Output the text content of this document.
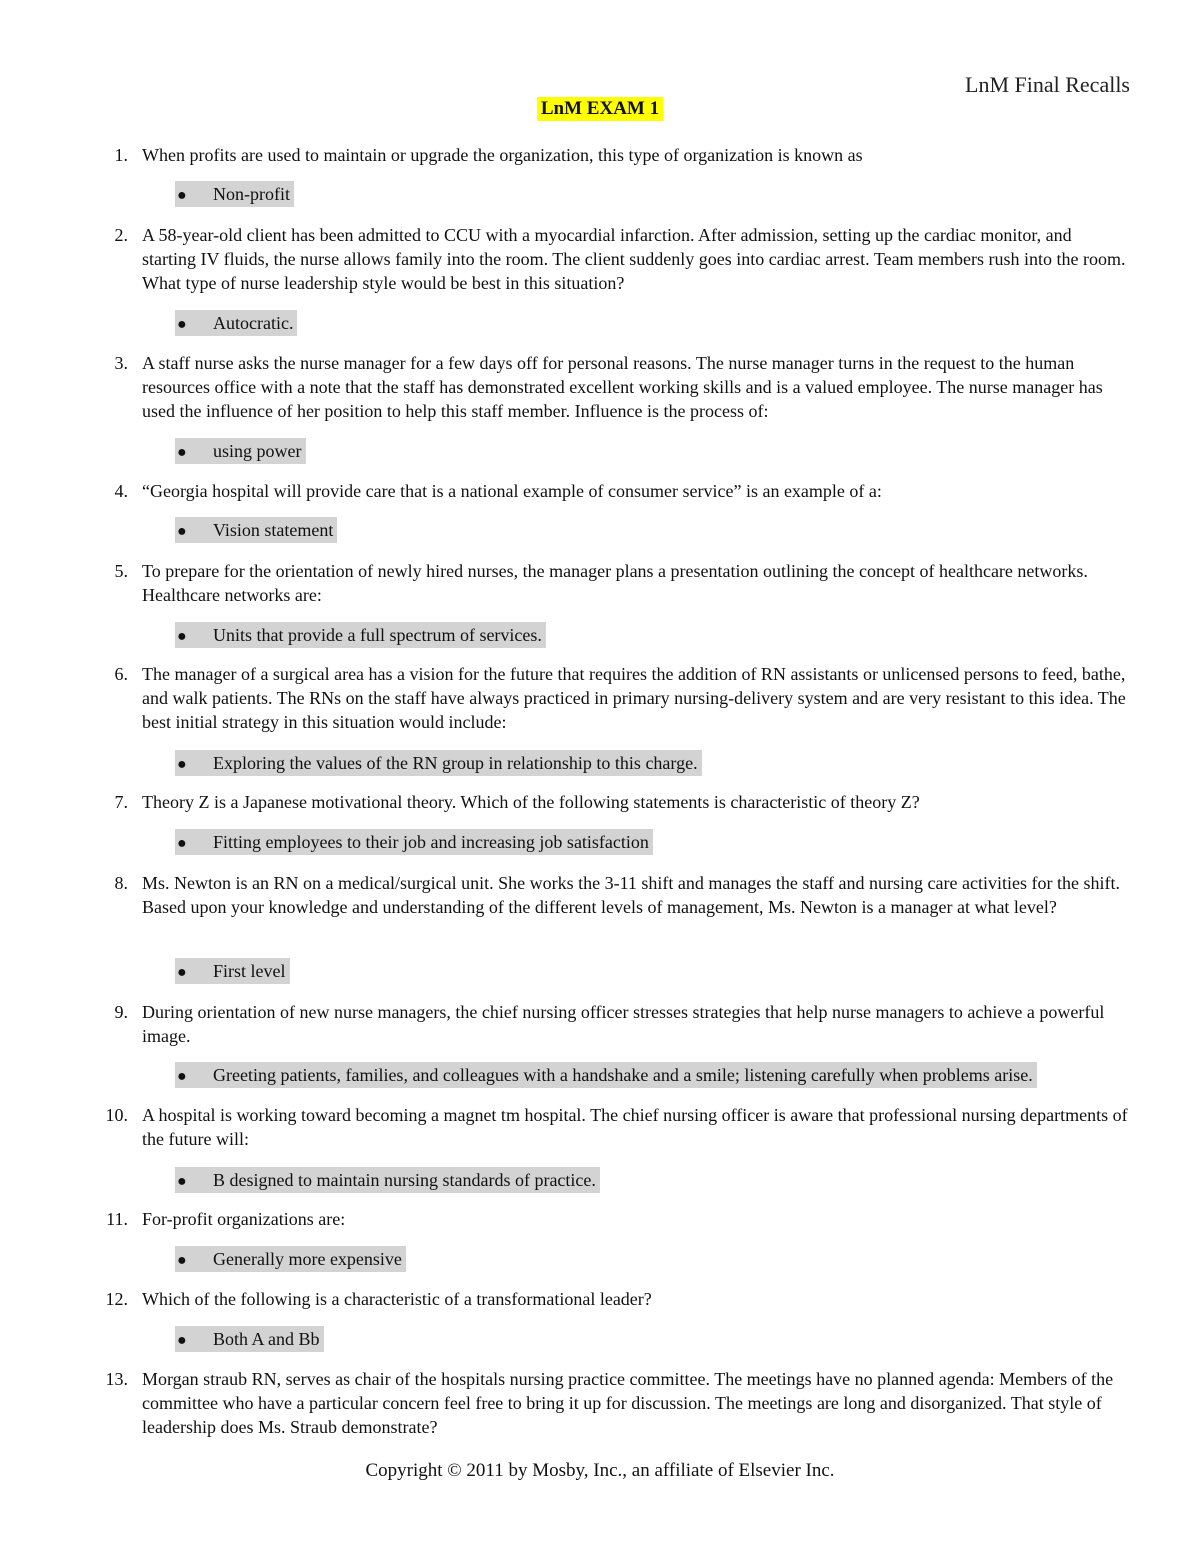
LnM Final Recalls
LnM EXAM 1
1. When profits are used to maintain or upgrade the organization, this type of organization is known as
● Non-profit
2. A 58-year-old client has been admitted to CCU with a myocardial infarction. After admission, setting up the cardiac monitor, and starting IV fluids, the nurse allows family into the room. The client suddenly goes into cardiac arrest. Team members rush into the room. What type of nurse leadership style would be best in this situation?
● Autocratic.
3. A staff nurse asks the nurse manager for a few days off for personal reasons. The nurse manager turns in the request to the human resources office with a note that the staff has demonstrated excellent working skills and is a valued employee. The nurse manager has used the influence of her position to help this staff member. Influence is the process of:
● using power
4. “Georgia hospital will provide care that is a national example of consumer service” is an example of a:
● Vision statement
5. To prepare for the orientation of newly hired nurses, the manager plans a presentation outlining the concept of healthcare networks. Healthcare networks are:
● Units that provide a full spectrum of services.
6. The manager of a surgical area has a vision for the future that requires the addition of RN assistants or unlicensed persons to feed, bathe, and walk patients. The RNs on the staff have always practiced in primary nursing-delivery system and are very resistant to this idea. The best initial strategy in this situation would include:
● Exploring the values of the RN group in relationship to this charge.
7. Theory Z is a Japanese motivational theory. Which of the following statements is characteristic of theory Z?
● Fitting employees to their job and increasing job satisfaction
8. Ms. Newton is an RN on a medical/surgical unit. She works the 3-11 shift and manages the staff and nursing care activities for the shift. Based upon your knowledge and understanding of the different levels of management, Ms. Newton is a manager at what level?
● First level
9. During orientation of new nurse managers, the chief nursing officer stresses strategies that help nurse managers to achieve a powerful image.
● Greeting patients, families, and colleagues with a handshake and a smile; listening carefully when problems arise.
10. A hospital is working toward becoming a magnet tm hospital. The chief nursing officer is aware that professional nursing departments of the future will:
● B designed to maintain nursing standards of practice.
11. For-profit organizations are:
● Generally more expensive
12. Which of the following is a characteristic of a transformational leader?
● Both A and Bb
13. Morgan straub RN, serves as chair of the hospitals nursing practice committee. The meetings have no planned agenda: Members of the committee who have a particular concern feel free to bring it up for discussion. The meetings are long and disorganized. That style of leadership does Ms. Straub demonstrate?
Copyright © 2011 by Mosby, Inc., an affiliate of Elsevier Inc.
